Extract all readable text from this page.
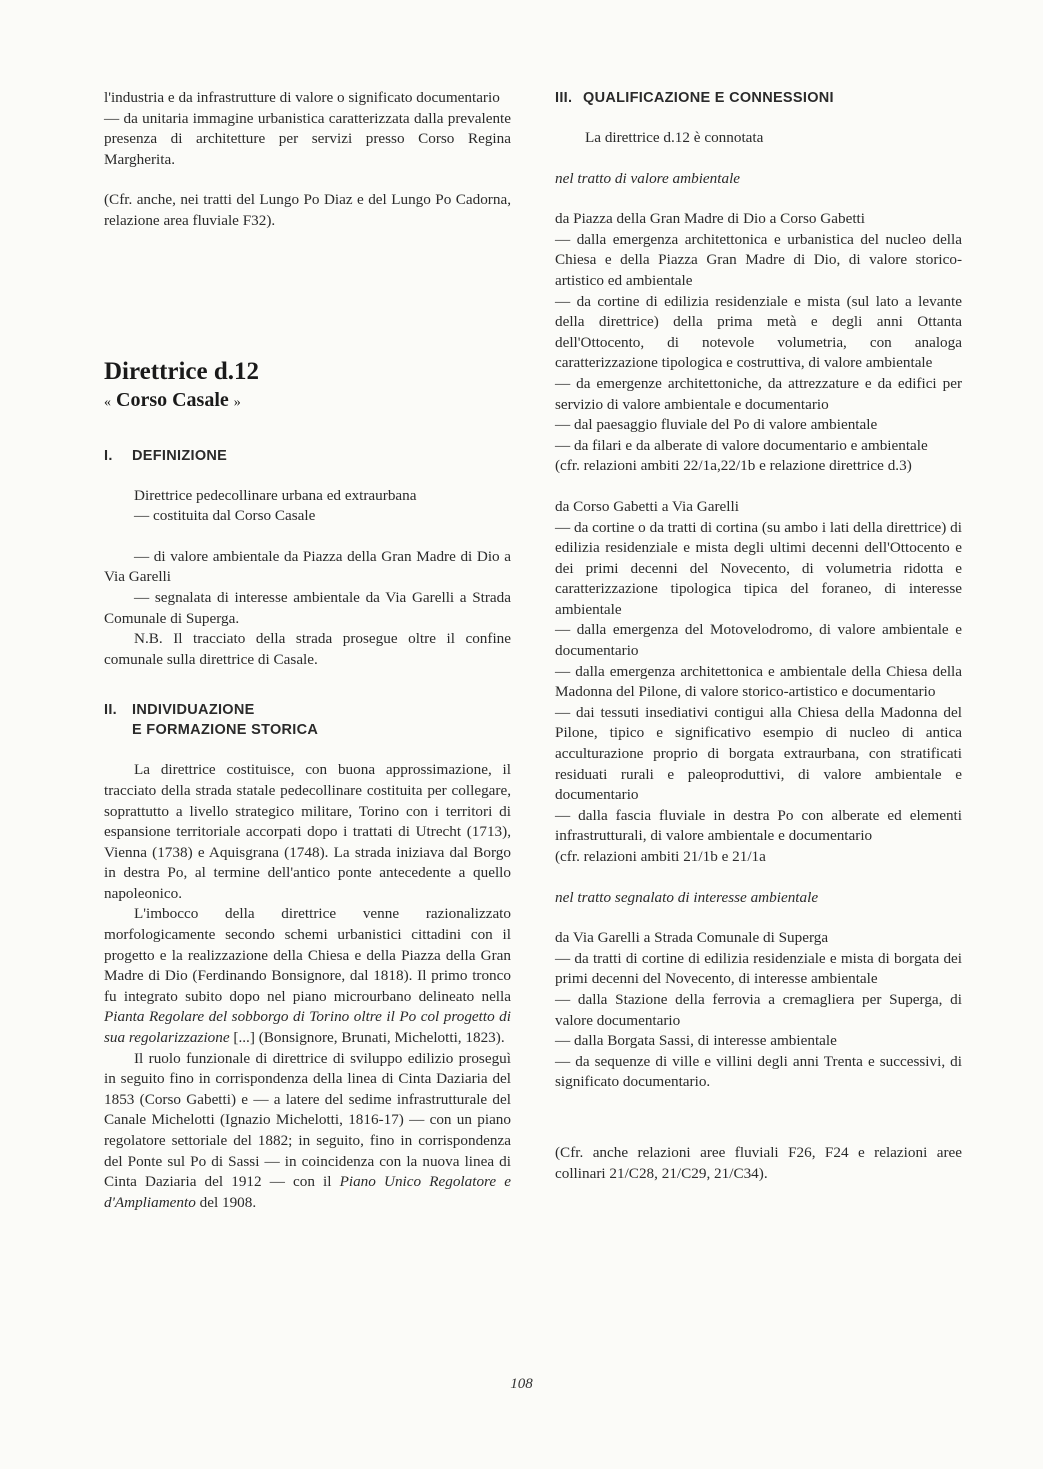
l'industria e da infrastrutture di valore o significato documentario

— da unitaria immagine urbanistica caratterizzata dalla prevalente presenza di architetture per servizi presso Corso Regina Margherita.

(Cfr. anche, nei tratti del Lungo Po Diaz e del Lungo Po Cadorna, relazione area fluviale F32).

Direttrice d.12
« Corso Casale »
I. DEFINIZIONE

Direttrice pedecollinare urbana ed extraurbana

— costituita dal Corso Casale

— di valore ambientale da Piazza della Gran Madre di Dio a Via Garelli

— segnalata di interesse ambientale da Via Garelli a Strada Comunale di Superga.

N.B. Il tracciato della strada prosegue oltre il confine comunale sulla direttrice di Casale.

II. INDIVIDUAZIONE
E FORMAZIONE STORICA

La direttrice costituisce, con buona approssimazione, il tracciato della strada statale pedecollinare costituita per collegare, soprattutto a livello strategico militare, Torino con i territori di espansione territoriale accorpati dopo i trattati di Utrecht (1713), Vienna (1738) e Aquisgrana (1748). La strada iniziava dal Borgo in destra Po, al termine dell'antico ponte antecedente a quello napoleonico.

L'imbocco della direttrice venne razionalizzato morfologicamente secondo schemi urbanistici cittadini con il progetto e la realizzazione della Chiesa e della Piazza della Gran Madre di Dio (Ferdinando Bonsignore, dal 1818). Il primo tronco fu integrato subito dopo nel piano microurbano delineato nella Pianta Regolare del sobborgo di Torino oltre il Po col progetto di sua regolarizzazione [...] (Bonsignore, Brunati, Michelotti, 1823).

Il ruolo funzionale di direttrice di sviluppo edilizio proseguì in seguito fino in corrispondenza della linea di Cinta Daziaria del 1853 (Corso Gabetti) e — a latere del sedime infrastrutturale del Canale Michelotti (Ignazio Michelotti, 1816-17) — con un piano regolatore settoriale del 1882; in seguito, fino in corrispondenza del Ponte sul Po di Sassi — in coincidenza con la nuova linea di Cinta Daziaria del 1912 — con il Piano Unico Regolatore e d'Ampliamento del 1908.

III. QUALIFICAZIONE E CONNESSIONI

La direttrice d.12 è connotata

nel tratto di valore ambientale

da Piazza della Gran Madre di Dio a Corso Gabetti

— dalla emergenza architettonica e urbanistica del nucleo della Chiesa e della Piazza Gran Madre di Dio, di valore storico-artistico ed ambientale

— da cortine di edilizia residenziale e mista (sul lato a levante della direttrice) della prima metà e degli anni Ottanta dell'Ottocento, di notevole volumetria, con analoga caratterizzazione tipologica e costruttiva, di valore ambientale

— da emergenze architettoniche, da attrezzature e da edifici per servizio di valore ambientale e documentario

— dal paesaggio fluviale del Po di valore ambientale

— da filari e da alberate di valore documentario e ambientale

(cfr. relazioni ambiti 22/1a,22/1b e relazione direttrice d.3)

da Corso Gabetti a Via Garelli

— da cortine o da tratti di cortina (su ambo i lati della direttrice) di edilizia residenziale e mista degli ultimi decenni dell'Ottocento e dei primi decenni del Novecento, di volumetria ridotta e caratterizzazione tipologica tipica del foraneo, di interesse ambientale

— dalla emergenza del Motovelodromo, di valore ambientale e documentario

— dalla emergenza architettonica e ambientale della Chiesa della Madonna del Pilone, di valore storico-artistico e documentario

— dai tessuti insediativi contigui alla Chiesa della Madonna del Pilone, tipico e significativo esempio di nucleo di antica acculturazione proprio di borgata extraurbana, con stratificati residuati rurali e paleoproduttivi, di valore ambientale e documentario

— dalla fascia fluviale in destra Po con alberate ed elementi infrastrutturali, di valore ambientale e documentario

(cfr. relazioni ambiti 21/1b e 21/1a

nel tratto segnalato di interesse ambientale

da Via Garelli a Strada Comunale di Superga

— da tratti di cortine di edilizia residenziale e mista di borgata dei primi decenni del Novecento, di interesse ambientale

— dalla Stazione della ferrovia a cremagliera per Superga, di valore documentario

— dalla Borgata Sassi, di interesse ambientale

— da sequenze di ville e villini degli anni Trenta e successivi, di significato documentario.

(Cfr. anche relazioni aree fluviali F26, F24 e relazioni aree collinari 21/C28, 21/C29, 21/C34).

108
